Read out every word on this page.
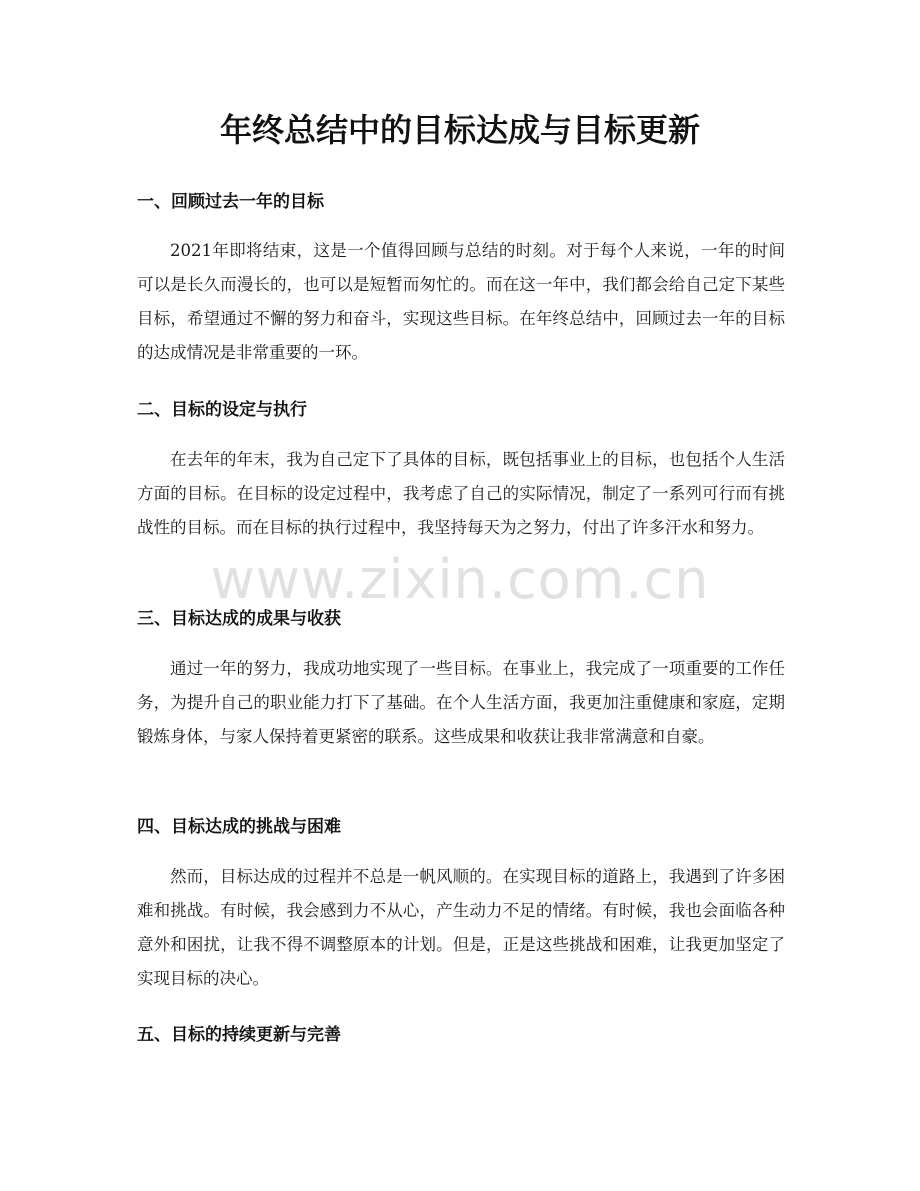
年终总结中的目标达成与目标更新
一、回顾过去一年的目标

2021年即将结束，这是一个值得回顾与总结的时刻。对于每个人来说，一年的时间可以是长久而漫长的，也可以是短暂而匆忙的。而在这一年中，我们都会给自己定下某些目标，希望通过不懈的努力和奋斗，实现这些目标。在年终总结中，回顾过去一年的目标的达成情况是非常重要的一环。

二、目标的设定与执行

在去年的年末，我为自己定下了具体的目标，既包括事业上的目标，也包括个人生活方面的目标。在目标的设定过程中，我考虑了自己的实际情况，制定了一系列可行而有挑战性的目标。而在目标的执行过程中，我坚持每天为之努力，付出了许多汗水和努力。

三、目标达成的成果与收获

通过一年的努力，我成功地实现了一些目标。在事业上，我完成了一项重要的工作任务，为提升自己的职业能力打下了基础。在个人生活方面，我更加注重健康和家庭，定期锻炼身体，与家人保持着更紧密的联系。这些成果和收获让我非常满意和自豪。

四、目标达成的挑战与困难

然而，目标达成的过程并不总是一帆风顺的。在实现目标的道路上，我遇到了许多困难和挑战。有时候，我会感到力不从心，产生动力不足的情绪。有时候，我也会面临各种意外和困扰，让我不得不调整原本的计划。但是，正是这些挑战和困难，让我更加坚定了实现目标的决心。

五、目标的持续更新与完善
www.zixin.com.cn
